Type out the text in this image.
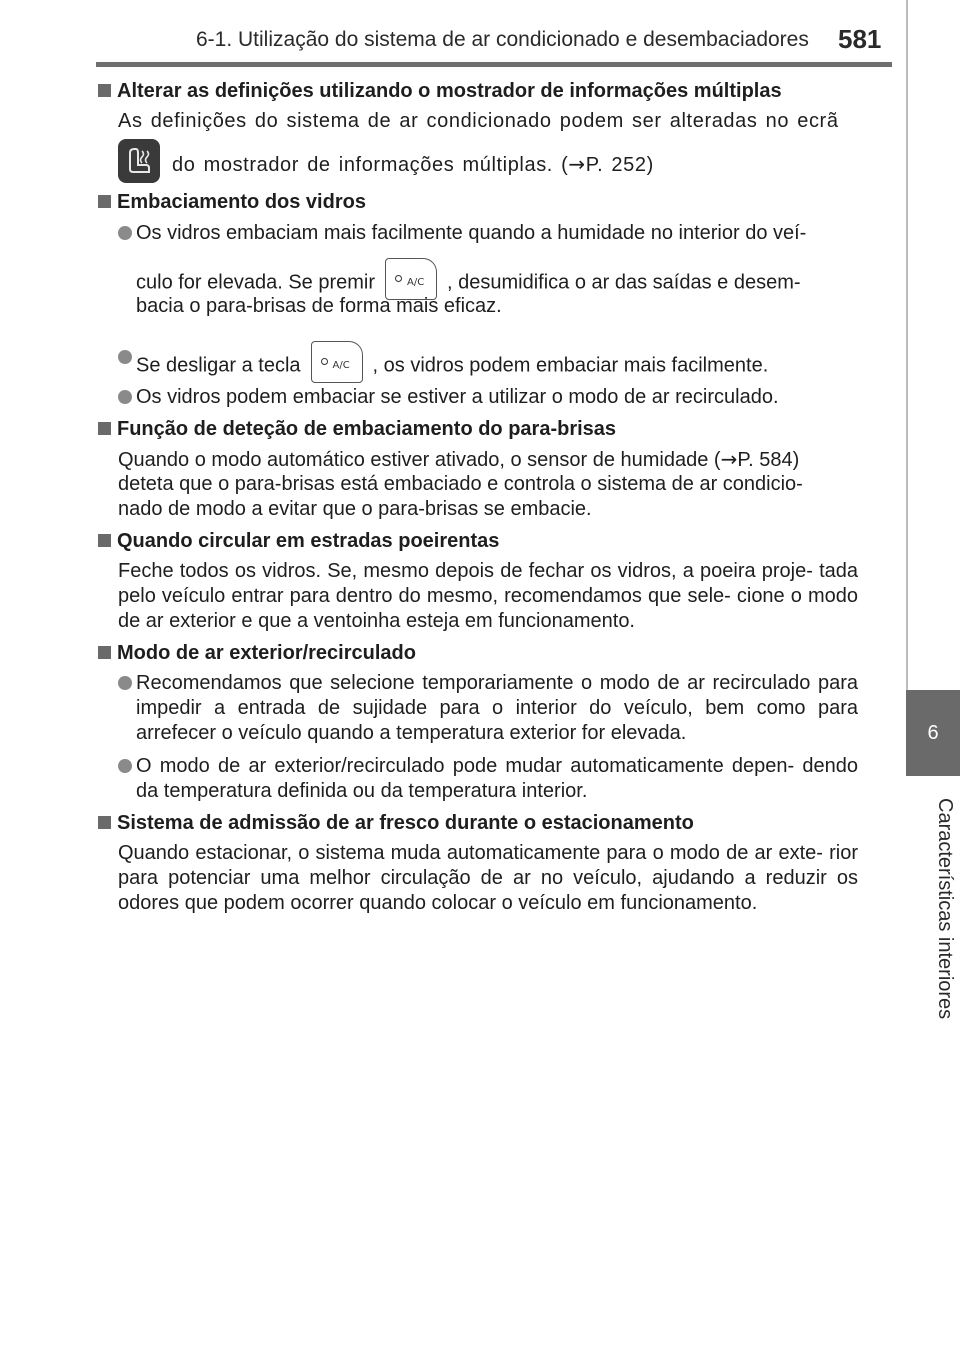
6-1. Utilização do sistema de ar condicionado e desembaciadores 581
6
Características interiores
Alterar as definições utilizando o mostrador de informações múltiplas
As definições do sistema de ar condicionado podem ser alteradas no ecrã
do mostrador de informações múltiplas. (→P. 252)
Embaciamento dos vidros
Os vidros embaciam mais facilmente quando a humidade no interior do veí-
culo for elevada. Se premir	A/C , desumidifica o ar das saídas e desem-
bacia o para-brisas de forma mais eficaz.
Se desligar a tecla	A/C , os vidros podem embaciar mais facilmente.
Os vidros podem embaciar se estiver a utilizar o modo de ar recirculado.
Função de deteção de embaciamento do para-brisas
Quando o modo automático estiver ativado, o sensor de humidade (→P. 584)
deteta que o para-brisas está embaciado e controla o sistema de ar condicio-
nado de modo a evitar que o para-brisas se embacie.
Quando circular em estradas poeirentas
Feche todos os vidros. Se, mesmo depois de fechar os vidros, a poeira proje- tada pelo veículo entrar para dentro do mesmo, recomendamos que sele- cione o modo de ar exterior e que a ventoinha esteja em funcionamento.
Modo de ar exterior/recirculado
Recomendamos que selecione temporariamente o modo de ar recirculado para impedir a entrada de sujidade para o interior do veículo, bem como para arrefecer o veículo quando a temperatura exterior for elevada.
O modo de ar exterior/recirculado pode mudar automaticamente depen- dendo da temperatura definida ou da temperatura interior.
Sistema de admissão de ar fresco durante o estacionamento
Quando estacionar, o sistema muda automaticamente para o modo de ar exte- rior para potenciar uma melhor circulação de ar no veículo, ajudando a reduzir os odores que podem ocorrer quando colocar o veículo em funcionamento.
